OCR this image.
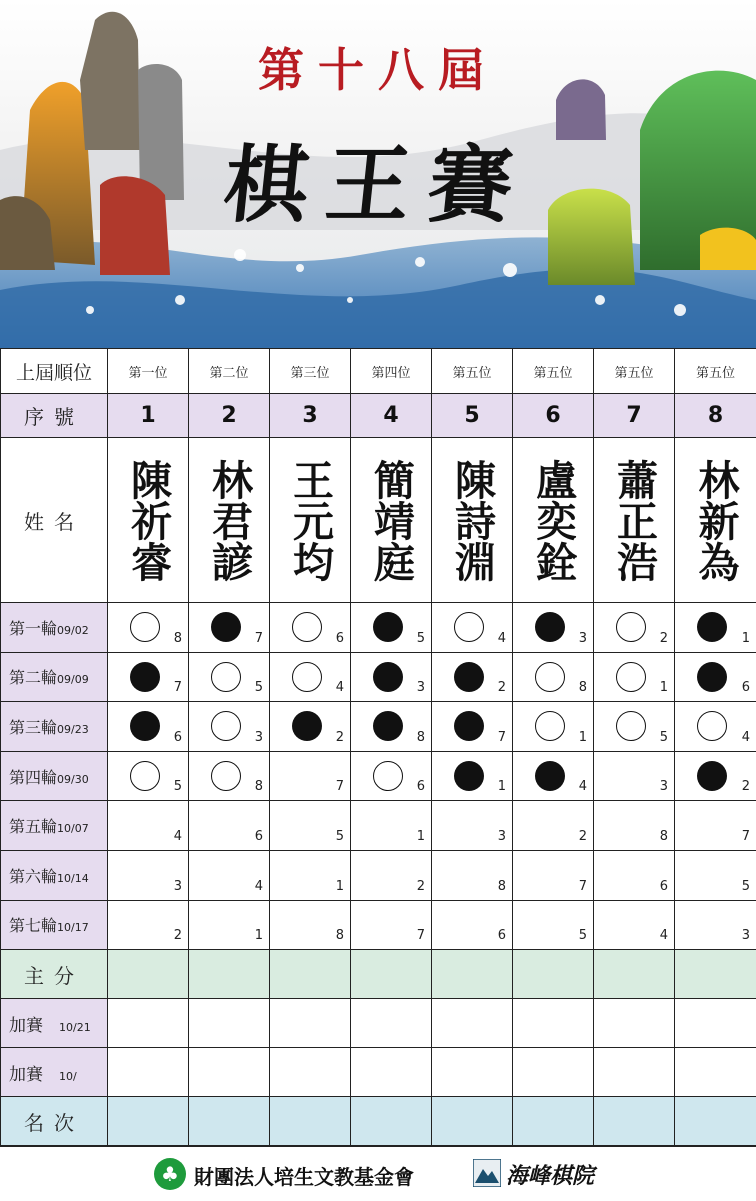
第十八屆
棋王賽
上屆順位	第一位	第二位	第三位	第四位	第五位	第五位	第五位	第五位
序號	1	2	3	4	5	6	7	8
姓名	陳祈睿	林君諺	王元均	簡靖庭	陳詩淵	盧奕銓	蕭正浩	林新為

第一輪09/02	8	7	6	5	4	3	2	1

第二輪09/09	7	5	4	3	2	8	1	6

第三輪09/23	6	3	2	8	7	1	5	4

第四輪09/30	5	8	7	6	1	4	3	2

第五輪10/07	4	6	5	1	3	2	8	7

第六輪10/14	3	4	1	2	8	7	6	5

第七輪10/17	2	1	8	7	6	5	4	3

主分								
加賽 10/21								
加賽 10/								
名次								
♣ 財團法人培生文教基金會	海峰棋院
